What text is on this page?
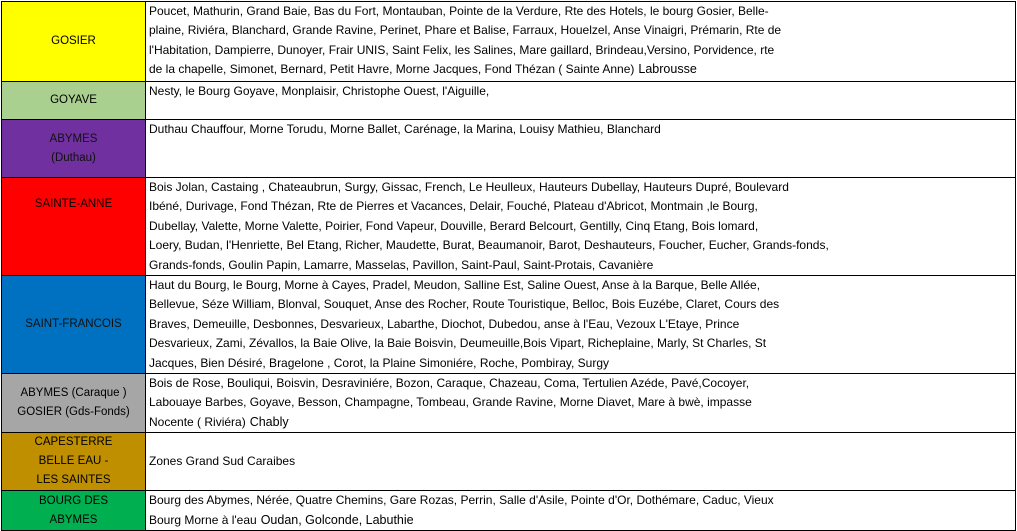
GOSIER	Poucet, Mathurin, Grand Baie, Bas du Fort, Montauban, Pointe de la Verdure, Rte des Hotels, le bourg Gosier, Belle-
plaine, Riviéra, Blanchard, Grande Ravine, Perinet, Phare et Balise, Farraux, Houelzel, Anse Vinaigri, Prémarin, Rte de
l'Habitation, Dampierre, Dunoyer, Frair UNIS, Saint Felix, les Salines, Mare gaillard, Brindeau,Versino, Porvidence, rte
de la chapelle, Simonet, Bernard, Petit Havre, Morne Jacques, Fond Thézan ( Sainte Anne) Labrousse

GOYAVE	Nesty, le Bourg Goyave, Monplaisir, Christophe Ouest, l'Aiguille,

ABYMES
(Duthau)	Duthau Chauffour, Morne Torudu, Morne Ballet, Carénage, la Marina, Louisy Mathieu, Blanchard

SAINTE-ANNE	Bois Jolan, Castaing , Chateaubrun, Surgy, Gissac, French, Le Heulleux, Hauteurs Dubellay, Hauteurs Dupré, Boulevard
Ibéné, Durivage, Fond Thézan, Rte de Pierres et Vacances, Delair, Fouché, Plateau d'Abricot, Montmain ,le Bourg,
Dubellay, Valette, Morne Valette, Poirier, Fond Vapeur, Douville, Berard Belcourt, Gentilly, Cinq Etang, Bois lomard,
Loery, Budan, l'Henriette, Bel Etang, Richer, Maudette, Burat, Beaumanoir, Barot, Deshauteurs, Foucher, Eucher, Grands-fonds,
Grands-fonds, Goulin Papin, Lamarre, Masselas, Pavillon, Saint-Paul, Saint-Protais, Cavanière

SAINT-FRANCOIS	Haut du Bourg, le Bourg, Morne à Cayes, Pradel, Meudon, Salline Est, Saline Ouest, Anse à la Barque, Belle Allée,
Bellevue, Séze William, Blonval, Souquet, Anse des Rocher, Route Touristique, Belloc, Bois Euzébe, Claret, Cours des
Braves, Demeuille, Desbonnes, Desvarieux, Labarthe, Diochot, Dubedou, anse à l'Eau, Vezoux L'Etaye, Prince
Desvarieux, Zami, Zévallos, la Baie Olive, la Baie Boisvin, Deumeuille,Bois Vipart, Richeplaine, Marly, St Charles, St
Jacques, Bien Désiré, Bragelone , Corot, la Plaine Simoniére, Roche, Pombiray, Surgy

ABYMES (Caraque )
GOSIER (Gds-Fonds)	Bois de Rose, Bouliqui, Boisvin, Desraviniére, Bozon, Caraque, Chazeau, Coma, Tertulien Azéde, Pavé,Cocoyer,
Labouaye Barbes, Goyave, Besson, Champagne, Tombeau, Grande Ravine, Morne Diavet, Mare à bwè, impasse
Nocente ( Riviéra) Chably

CAPESTERRE
BELLE EAU -
LES SAINTES	Zones Grand Sud Caraibes

BOURG DES
ABYMES	Bourg des Abymes, Nérée, Quatre Chemins, Gare Rozas, Perrin, Salle d'Asile, Pointe d'Or, Dothémare, Caduc, Vieux
Bourg Morne à l'eau Oudan, Golconde, Labuthie
